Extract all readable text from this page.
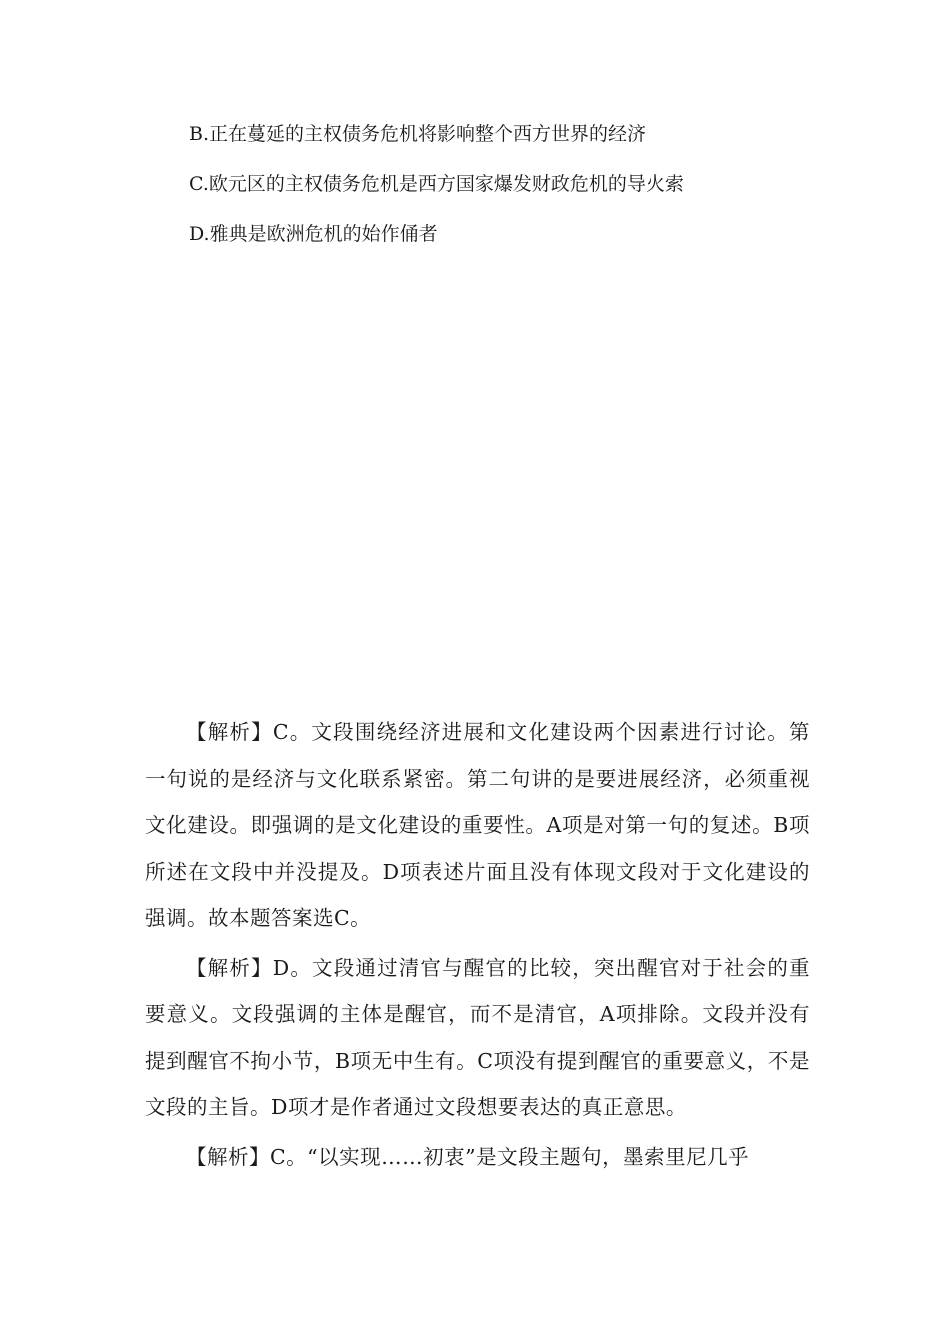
B.正在蔓延的主权债务危机将影响整个西方世界的经济
C.欧元区的主权债务危机是西方国家爆发财政危机的导火索
D.雅典是欧洲危机的始作俑者

【解析】C。文段围绕经济进展和文化建设两个因素进行讨论。第一句说的是经济与文化联系紧密。第二句讲的是要进展经济，必须重视文化建设。即强调的是文化建设的重要性。A项是对第一句的复述。B项所述在文段中并没提及。D项表述片面且没有体现文段对于文化建设的强调。故本题答案选C。

【解析】D。文段通过清官与醒官的比较，突出醒官对于社会的重要意义。文段强调的主体是醒官，而不是清官，A项排除。文段并没有提到醒官不拘小节，B项无中生有。C项没有提到醒官的重要意义，不是文段的主旨。D项才是作者通过文段想要表达的真正意思。

【解析】C。“以实现……初衷”是文段主题句，墨索里尼几乎
